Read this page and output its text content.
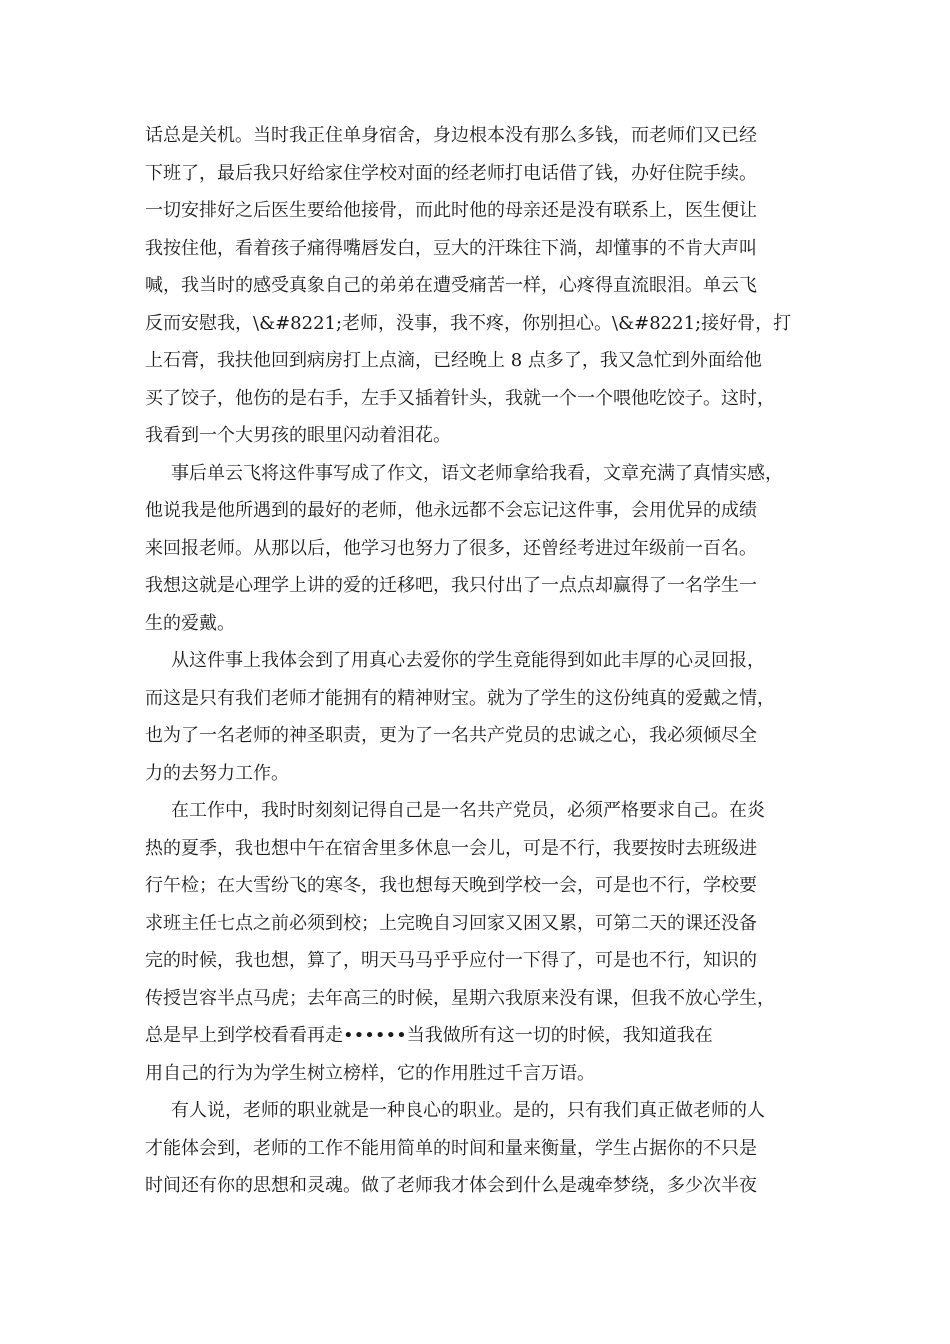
话总是关机。当时我正住单身宿舍，身边根本没有那么多钱，而老师们又已经
下班了，最后我只好给家住学校对面的经老师打电话借了钱，办好住院手续。
一切安排好之后医生要给他接骨，而此时他的母亲还是没有联系上，医生便让
我按住他，看着孩子痛得嘴唇发白，豆大的汗珠往下淌，却懂事的不肯大声叫
喊，我当时的感受真象自己的弟弟在遭受痛苦一样，心疼得直流眼泪。单云飞
反而安慰我，\&#8221;老师，没事，我不疼，你别担心。\&#8221;接好骨，打
上石膏，我扶他回到病房打上点滴，已经晚上 8 点多了，我又急忙到外面给他
买了饺子，他伤的是右手，左手又插着针头，我就一个一个喂他吃饺子。这时，
我看到一个大男孩的眼里闪动着泪花。
事后单云飞将这件事写成了作文，语文老师拿给我看，文章充满了真情实感，
他说我是他所遇到的最好的老师，他永远都不会忘记这件事，会用优异的成绩
来回报老师。从那以后，他学习也努力了很多，还曾经考进过年级前一百名。
我想这就是心理学上讲的爱的迁移吧，我只付出了一点点却赢得了一名学生一
生的爱戴。
从这件事上我体会到了用真心去爱你的学生竟能得到如此丰厚的心灵回报，
而这是只有我们老师才能拥有的精神财宝。就为了学生的这份纯真的爱戴之情，
也为了一名老师的神圣职责，更为了一名共产党员的忠诚之心，我必须倾尽全
力的去努力工作。
在工作中，我时时刻刻记得自己是一名共产党员，必须严格要求自己。在炎
热的夏季，我也想中午在宿舍里多休息一会儿，可是不行，我要按时去班级进
行午检；在大雪纷飞的寒冬，我也想每天晚到学校一会，可是也不行，学校要
求班主任七点之前必须到校；上完晚自习回家又困又累，可第二天的课还没备
完的时候，我也想，算了，明天马马乎乎应付一下得了，可是也不行，知识的
传授岂容半点马虎；去年高三的时候，星期六我原来没有课，但我不放心学生，
总是早上到学校看看再走••••••当我做所有这一切的时候，我知道我在
用自己的行为为学生树立榜样，它的作用胜过千言万语。
有人说，老师的职业就是一种良心的职业。是的，只有我们真正做老师的人
才能体会到，老师的工作不能用简单的时间和量来衡量，学生占据你的不只是
时间还有你的思想和灵魂。做了老师我才体会到什么是魂牵梦绕，多少次半夜
